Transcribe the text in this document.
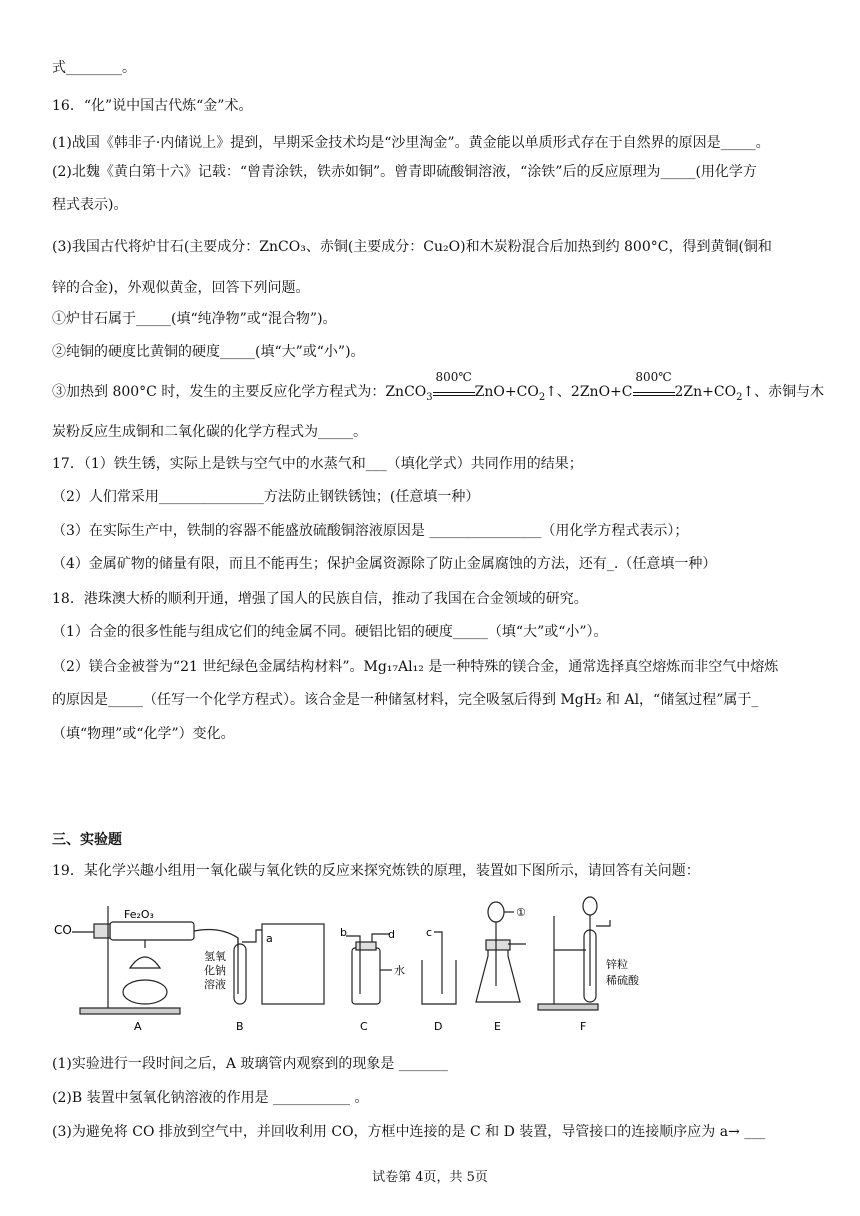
式________。
16．“化”说中国古代炼“金”术。
(1)战国《韩非子·内储说上》提到，早期采金技术均是“沙里淘金”。黄金能以单质形式存在于自然界的原因是_____。
(2)北魏《黄白第十六》记载：“曾青涂铁，铁赤如铜”。曾青即硫酸铜溶液，“涂铁”后的反应原理为_____(用化学方
程式表示)。
(3)我国古代将炉甘石(主要成分：ZnCO₃、赤铜(主要成分：Cu₂O)和木炭粉混合后加热到约 800°C，得到黄铜(铜和
锌的合金)，外观似黄金，回答下列问题。
①炉甘石属于_____(填“纯净物”或“混合物”)。
②纯铜的硬度比黄铜的硬度_____(填“大”或“小”)。
③加热到 800°C 时，发生的主要反应化学方程式为：ZnCO$_3$
800℃
$ZnO+CO_2↑$、2ZnO+C
800℃
$2Zn+CO_2↑$、赤铜与木
炭粉反应生成铜和二氧化碳的化学方程式为_____。
17．（1）铁生锈，实际上是铁与空气中的水蒸气和___（填化学式）共同作用的结果；
（2）人们常采用_______________方法防止钢铁锈蚀；(任意填一种）
（3）在实际生产中，铁制的容器不能盛放硫酸铜溶液原因是 ________________（用化学方程式表示）；
（4）金属矿物的储量有限，而且不能再生；保护金属资源除了防止金属腐蚀的方法，还有_.（任意填一种）
18．港珠澳大桥的顺利开通，增强了国人的民族自信，推动了我国在合金领域的研究。
（1）合金的很多性能与组成它们的纯金属不同。硬铝比铝的硬度_____（填“大”或“小”）。
（2）镁合金被誉为“21 世纪绿色金属结构材料”。Mg₁₇Al₁₂ 是一种特殊的镁合金，通常选择真空熔炼而非空气中熔炼
的原因是_____（任写一个化学方程式）。该合金是一种储氢材料，完全吸氢后得到 MgH₂ 和 Al，“储氢过程”属于_
（填“物理”或“化学”）变化。
三、实验题
19．某化学兴趣小组用一氧化碳与氧化铁的反应来探究炼铁的原理，装置如下图所示，请回答有关问题：
CO
Fe₂O₃
a	b	d	c
氢氧
化钠
溶液
水
①
锌粒
稀硫酸
A	B	C	D	E	F
(1)实验进行一段时间之后，A 玻璃管内观察到的现象是 _______
(2)B 装置中氢氧化钠溶液的作用是 ___________ 。
(3)为避免将 CO 排放到空气中，并回收利用 CO，方框中连接的是 C 和 D 装置，导管接口的连接顺序应为 a→ ___
试卷第 4页，共 5页
